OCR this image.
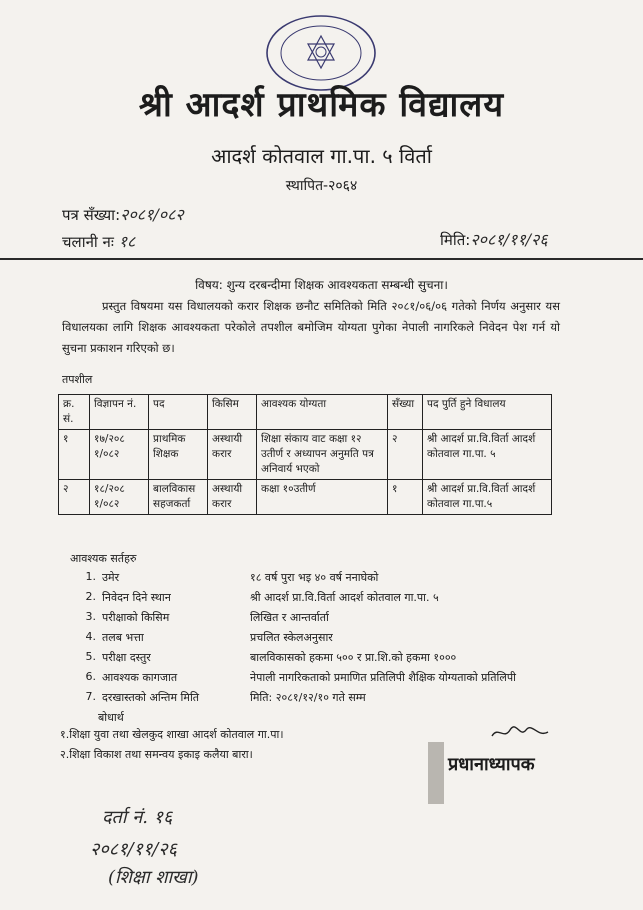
श्री आदर्श प्राथमिक विद्यालय
आदर्श कोतवाल गा.पा. ५ विर्ता
स्थापित-२०६४
पत्र सँख्या:२०८१/०८२
चलानी नः १८	मिति:२०८१/११/२६
विषय: शुन्य दरबन्दीमा शिक्षक आवश्यकता सम्बन्धी सुचना।
प्रस्तुत विषयमा यस विधालयको करार शिक्षक छनौट समितिको मिति २०८१/०६/०६ गतेको निर्णय अनुसार यस विधालयका लागि शिक्षक आवश्यकता परेकोले तपशील बमोजिम योग्यता पुगेका नेपाली नागरिकले निवेदन पेश गर्न यो सुचना प्रकाशन गरिएको छ।
तपशील
क्र. सं.	विज्ञापन नं.	पद	किसिम	आवश्यक योग्यता	सँख्या	पद पुर्ति हुने विधालय
१	१७/२०८ १/०८२	प्राथमिक शिक्षक	अस्थायी करार	शिक्षा संकाय वाट कक्षा १२ उतीर्ण र अध्यापन अनुमति पत्र अनिवार्य भएको	२	श्री आदर्श प्रा.वि.विर्ता आदर्श कोतवाल गा.पा. ५
२	१८/२०८ १/०८२	बालविकास सहजकर्ता	अस्थायी करार	कक्षा १०उतीर्ण	१	श्री आदर्श प्रा.वि.विर्ता आदर्श कोतवाल गा.पा.५
आवश्यक सर्तहरु
1. उमेर	१८ वर्ष पुरा भइ ४० वर्ष ननाघेको
2. निवेदन दिने स्थान	श्री आदर्श प्रा.वि.विर्ता आदर्श कोतवाल गा.पा. ५
3. परीक्षाको किसिम	लिखित र आन्तर्वार्ता
4. तलब भत्ता	प्रचलित स्केलअनुसार
5. परीक्षा दस्तुर	बालविकासको हकमा ५०० र प्रा.शि.को हकमा १०००
6. आवश्यक कागजात	नेपाली नागरिकताको प्रमाणित प्रतिलिपी शैक्षिक योग्यताको प्रतिलिपी
7. दरखास्तको अन्तिम मिति	मिति: २०८१/१२/१० गते सम्म
बोधार्थ
१.शिक्षा युवा तथा खेलकुद शाखा आदर्श कोतवाल गा.पा।
२.शिक्षा विकाश तथा समन्वय इकाइ कलैया बारा।	प्रधानाध्यापक
दर्ता नं. १६
२०८१/११/२६
(शिक्षा शाखा)
